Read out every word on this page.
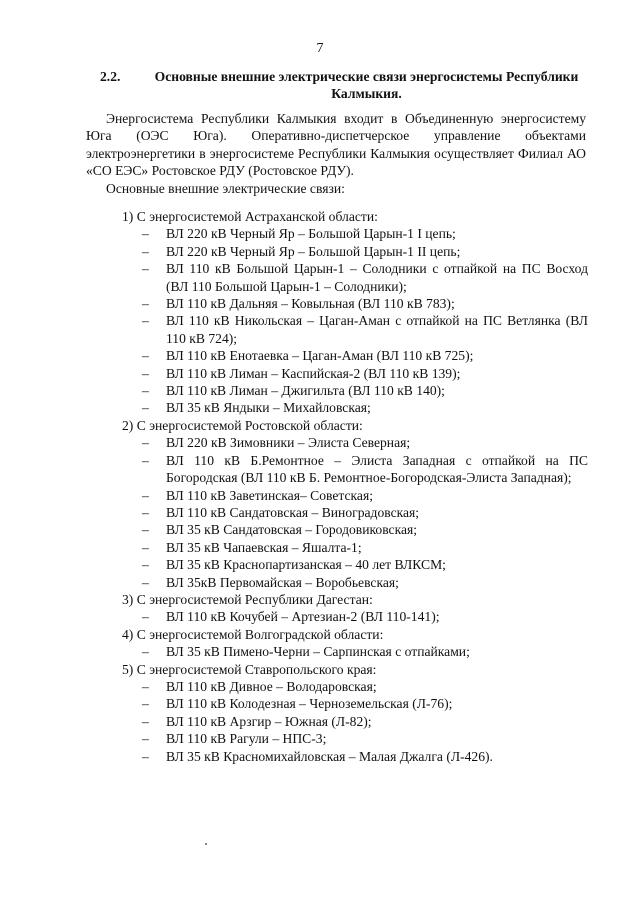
7
2.2.	Основные внешние электрические связи энергосистемы Республики Калмыкия.

Энергосистема Республики Калмыкия входит в Объединенную энергосистему Юга (ОЭС Юга). Оперативно-диспетчерское управление объектами электроэнергетики в энергосистеме Республики Калмыкия осуществляет Филиал АО «СО ЕЭС» Ростовское РДУ (Ростовское РДУ).

Основные внешние электрические связи:

1) С энергосистемой Астраханской области:
– ВЛ 220 кВ Черный Яр – Большой Царын-1 I цепь;
– ВЛ 220 кВ Черный Яр – Большой Царын-1 II цепь;
– ВЛ 110 кВ Большой Царын-1 – Солодники с отпайкой на ПС Восход (ВЛ 110 Большой Царын-1 – Солодники);
– ВЛ 110 кВ Дальняя – Ковыльная (ВЛ 110 кВ 783);
– ВЛ 110 кВ Никольская – Цаган-Аман с отпайкой на ПС Ветлянка (ВЛ 110 кВ 724);
– ВЛ 110 кВ Енотаевка – Цаган-Аман (ВЛ 110 кВ 725);
– ВЛ 110 кВ Лиман – Каспийская-2 (ВЛ 110 кВ 139);
– ВЛ 110 кВ Лиман – Джигильта (ВЛ 110 кВ 140);
– ВЛ 35 кВ Яндыки – Михайловская;
2) С энергосистемой Ростовской области:
– ВЛ 220 кВ Зимовники – Элиста Северная;
– ВЛ 110 кВ Б.Ремонтное – Элиста Западная с отпайкой на ПС Богородская (ВЛ 110 кВ Б. Ремонтное-Богородская-Элиста Западная);
– ВЛ 110 кВ Заветинская– Советская;
– ВЛ 110 кВ Сандатовская – Виноградовская;
– ВЛ 35 кВ Сандатовская – Городовиковская;
– ВЛ 35 кВ Чапаевская – Яшалта-1;
– ВЛ 35 кВ Краснопартизанская – 40 лет ВЛКСМ;
– ВЛ 35кВ Первомайская – Воробьевская;
3) С энергосистемой Республики Дагестан:
– ВЛ 110 кВ Кочубей – Артезиан-2 (ВЛ 110-141);
4) С энергосистемой Волгоградской области:
– ВЛ 35 кВ Пимено-Черни – Сарпинская с отпайками;
5) С энергосистемой Ставропольского края:
– ВЛ 110 кВ Дивное – Володаровская;
– ВЛ 110 кВ Колодезная – Черноземельская (Л-76);
– ВЛ 110 кВ Арзгир – Южная (Л-82);
– ВЛ 110 кВ Рагули – НПС-3;
– ВЛ 35 кВ Красномихайловская – Малая Джалга (Л-426).
